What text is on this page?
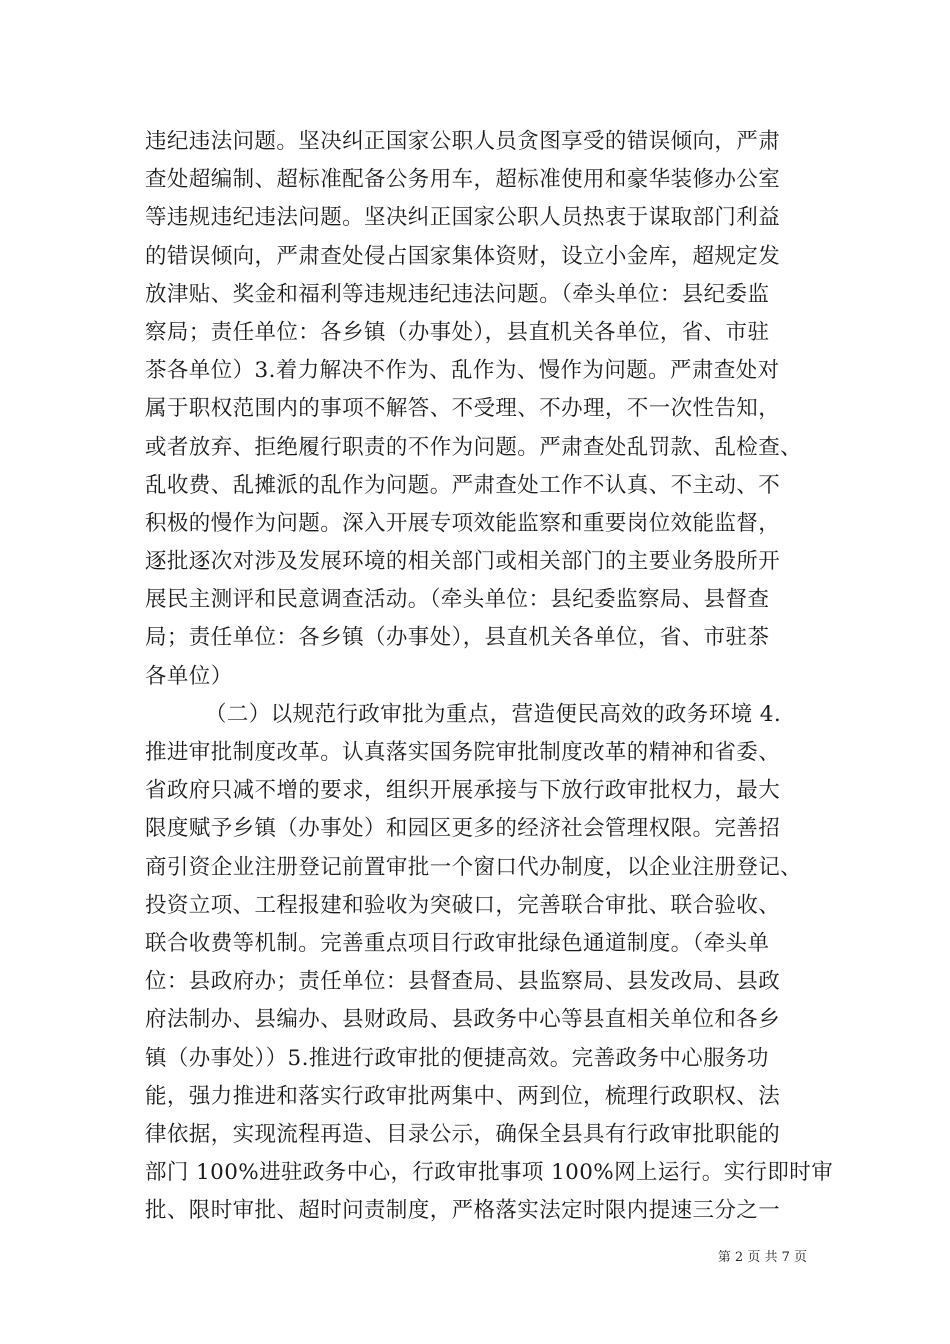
违纪违法问题。坚决纠正国家公职人员贪图享受的错误倾向，严肃
查处超编制、超标准配备公务用车，超标准使用和豪华装修办公室
等违规违纪违法问题。坚决纠正国家公职人员热衷于谋取部门利益
的错误倾向，严肃查处侵占国家集体资财，设立小金库，超规定发
放津贴、奖金和福利等违规违纪违法问题。（牵头单位：县纪委监
察局；责任单位：各乡镇（办事处），县直机关各单位，省、市驻
茶各单位）3.着力解决不作为、乱作为、慢作为问题。严肃查处对
属于职权范围内的事项不解答、不受理、不办理，不一次性告知，
或者放弃、拒绝履行职责的不作为问题。严肃查处乱罚款、乱检查、
乱收费、乱摊派的乱作为问题。严肃查处工作不认真、不主动、不
积极的慢作为问题。深入开展专项效能监察和重要岗位效能监督，
逐批逐次对涉及发展环境的相关部门或相关部门的主要业务股所开
展民主测评和民意调查活动。（牵头单位：县纪委监察局、县督查
局；责任单位：各乡镇（办事处），县直机关各单位，省、市驻茶
各单位）
（二）以规范行政审批为重点，营造便民高效的政务环境 4.
推进审批制度改革。认真落实国务院审批制度改革的精神和省委、
省政府只减不增的要求，组织开展承接与下放行政审批权力，最大
限度赋予乡镇（办事处）和园区更多的经济社会管理权限。完善招
商引资企业注册登记前置审批一个窗口代办制度，以企业注册登记、
投资立项、工程报建和验收为突破口，完善联合审批、联合验收、
联合收费等机制。完善重点项目行政审批绿色通道制度。（牵头单
位：县政府办；责任单位：县督查局、县监察局、县发改局、县政
府法制办、县编办、县财政局、县政务中心等县直相关单位和各乡
镇（办事处））5.推进行政审批的便捷高效。完善政务中心服务功
能，强力推进和落实行政审批两集中、两到位，梳理行政职权、法
律依据，实现流程再造、目录公示，确保全县具有行政审批职能的
部门 100%进驻政务中心，行政审批事项 100%网上运行。实行即时审
批、限时审批、超时问责制度，严格落实法定时限内提速三分之一
第 2 页 共 7 页
